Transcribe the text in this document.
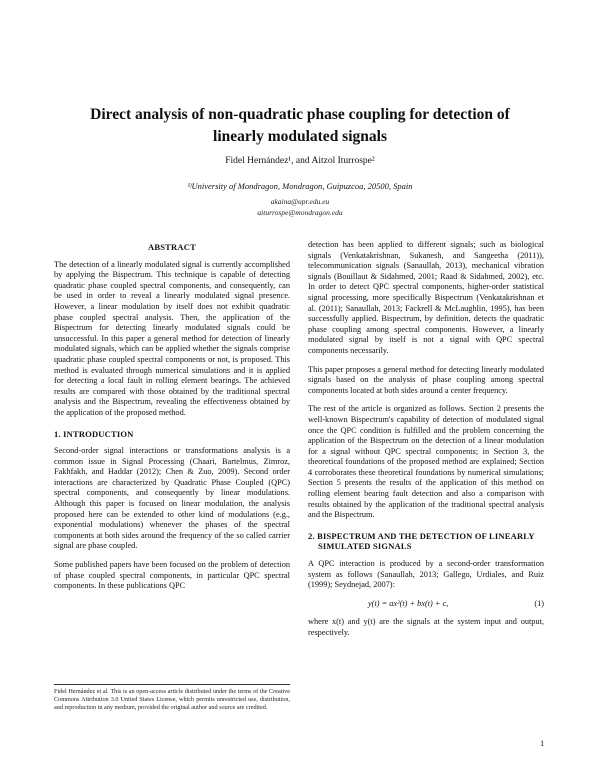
Direct analysis of non-quadratic phase coupling for detection of
linearly modulated signals
Fidel Hernández¹, and Aitzol Iturrospe²
¹ʲUniversity of Mondragon, Mondragon, Guipuzcoa, 20500, Spain
akaina@upr.edu.eu
aiturrospe@mondragon.edu
ABSTRACT

The detection of a linearly modulated signal is currently accomplished by applying the Bispectrum. This technique is capable of detecting quadratic phase coupled spectral components, and consequently, can be used in order to reveal a linearly modulated signal presence. However, a linear modulation by itself does not exhibit quadratic phase coupled spectral analysis. Then, the application of the Bispectrum for detecting linearly modulated signals could be unsuccessful. In this paper a general method for detection of linearly modulated signals, which can be applied whether the signals comprise quadratic phase coupled spectral components or not, is proposed. This method is evaluated through numerical simulations and it is applied for detecting a local fault in rolling element bearings. The achieved results are compared with those obtained by the traditional spectral analysis and the Bispectrum, revealing the effectiveness obtained by the application of the proposed method.

1. INTRODUCTION

Second-order signal interactions or transformations analysis is a common issue in Signal Processing (Chaari, Bartelmus, Zimroz, Fakhfakh, and Haddar (2012); Chen & Zuo, 2009). Second order interactions are characterized by Quadratic Phase Coupled (QPC) spectral components, and consequently by linear modulations. Although this paper is focused on linear modulation, the analysis proposed here can be extended to other kind of modulations (e.g., exponential modulations) whenever the phases of the spectral components at both sides around the frequency of the so called carrier signal are phase coupled.

Some published papers have been focused on the problem of detection of phase coupled spectral components, in particular QPC spectral components. In these publications QPC

detection has been applied to different signals; such as biological signals (Venkatakrishnan, Sukanesh, and Sangeetha (2011)), telecommunication signals (Sanaullah, 2013), mechanical vibration signals (Bouillaut & Sidahmed, 2001; Raad & Sidahmed, 2002), etc. In order to detect QPC spectral components, higher-order statistical signal processing, more specifically Bispectrum (Venkatakrishnan et al. (2011); Sanaullah, 2013; Fackrell & McLaughlin, 1995), has been successfully applied. Bispectrum, by definition, detects the quadratic phase coupling among spectral components. However, a linearly modulated signal by itself is not a signal with QPC spectral components necessarily.

This paper proposes a general method for detecting linearly modulated signals based on the analysis of phase coupling among spectral components located at both sides around a center frequency.

The rest of the article is organized as follows. Section 2 presents the well-known Bispectrum's capability of detection of modulated signal once the QPC condition is fulfilled and the problem concerning the application of the Bispectrum on the detection of a linear modulation for a signal without QPC spectral components; in Section 3, the theoretical foundations of the proposed method are explained; Section 4 corroborates these theoretical foundations by numerical simulations; Section 5 presents the results of the application of this method on rolling element bearing fault detection and also a comparison with results obtained by the application of the traditional spectral analysis and the Bispectrum.

2. BISPECTRUM AND THE DETECTION OF LINEARLY
SIMULATED SIGNALS

A QPC interaction is produced by a second-order transformation system as follows (Sanaullah, 2013; Gallego, Urdiales, and Ruiz (1999); Seydnejad, 2007):

y(t) = ax²(t) + bx(t) + c,	(1)

where x(t) and y(t) are the signals at the system input and output, respectively.

Fidel Hernández et al. This is an open-access article distributed under the terms of the Creative Commons Attribution 3.0 United States License, which permits unrestricted use, distribution, and reproduction in any medium, provided the original author and source are credited.
1
